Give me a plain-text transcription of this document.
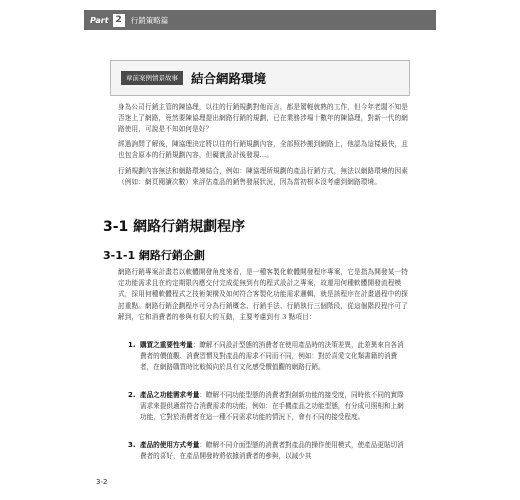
Part 2	行銷策略篇
章前案例情景故事	結合網路環境

身為公司行銷主管的陳協理，以往的行銷規劃對他而言，都是駕輕就熟的工作，但今年老闆不知是否迷上了網路，竟然要陳協理提出網路行銷的規劃，已在業務涉場十數年的陳協理，對新一代的網路使用，可說是不知如何是好？

經過詢問了解後，陳協理決定將以往的行銷規劃內容，全部照抄搬到網路上，他認為這樣最快，且也包含原本的行銷規劃內容，但礙實設計後發現…。

行銷規劃內容無法和網路環境結合，例如：陳協理所規劃的產品行銷方式，無法以網路環境的因素（例如：網頁閱讀次數）來評估產品的銷售發展狀況，因為當初根本沒考慮到網路環境。

3-1 網路行銷規劃程序
3-1-1 網路行銷企劃

網路行銷專案計畫若以軟體開發角度來看，是一種客製化軟體開發程序專案，它是指為開發某一特定功能需求且在約定期限內應交付完成從無到有的程式設計之專案，故運用何種軟體開發流程模式，採用何種軟體程式之技術架構及如何符合客製化功能需求邏輯，就是該程序在計畫過程中的探討重點。網路行銷企劃程序可分為行銷概念、行銷手法、行銷執行三個階段，從這個階段程序可了解到，它和消費者的參與有很大的互動，主要考慮到有 3 點項目：

1. 購買之重要性考量：瞭解不同設計型態的消費者在使用產品時的決策差異，此差異來自各消費者的價值觀、消費習慣及對產品的需求不同而不同，例如：對於喜愛文化類書籍的消費者，在網路購買時比較傾向於具有文化感受價值觀的網路行銷。
2. 產品之功能需求考量：瞭解不同功能型態的消費者對創新功能的接受度，同時依不同的實際需求來提供適當符合消費需求的功能，例如：在手機產品之功能型態，有分成可照相和上網功能，它對於消費者在這一種不同需求功能的情況下，會有不同的接受程度。
3. 產品的使用方式考量：瞭解不同介面型態的消費者對產品的操作使用模式，使產品更貼切消費者的喜好，在產品開發時將依據消費者的參與，以減少其
3-2
